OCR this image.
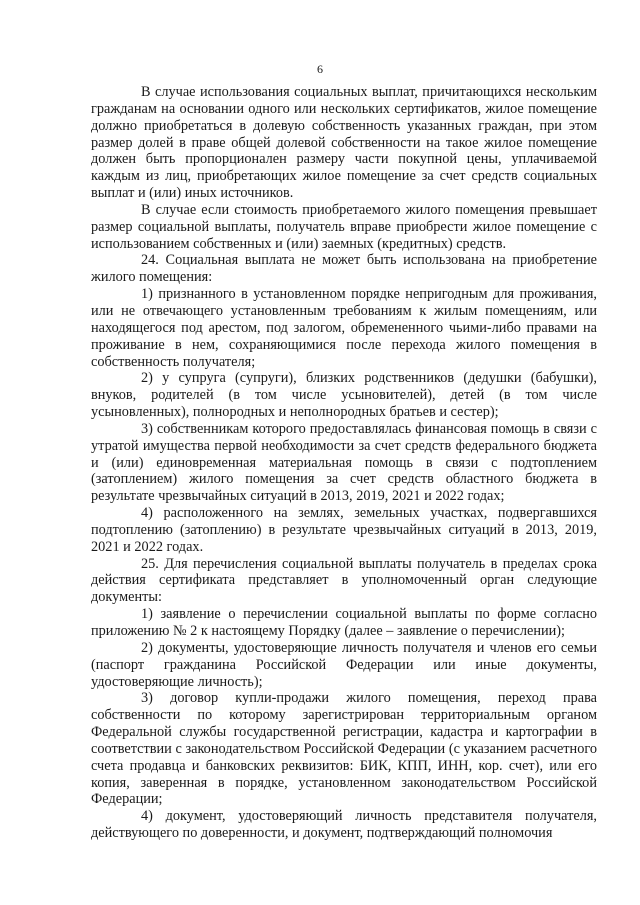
6

В случае использования социальных выплат, причитающихся нескольким гражданам на основании одного или нескольких сертификатов, жилое помещение должно приобретаться в долевую собственность указанных граждан, при этом размер долей в праве общей долевой собственности на такое жилое помещение должен быть пропорционален размеру части покупной цены, уплачиваемой каждым из лиц, приобретающих жилое помещение за счет средств социальных выплат и (или) иных источников.

В случае если стоимость приобретаемого жилого помещения превышает размер социальной выплаты, получатель вправе приобрести жилое помещение с использованием собственных и (или) заемных (кредитных) средств.

24. Социальная выплата не может быть использована на приобретение жилого помещения:

1) признанного в установленном порядке непригодным для проживания, или не отвечающего установленным требованиям к жилым помещениям, или находящегося под арестом, под залогом, обремененного чьими-либо правами на проживание в нем, сохраняющимися после перехода жилого помещения в собственность получателя;

2) у супруга (супруги), близких родственников (дедушки (бабушки), внуков, родителей (в том числе усыновителей), детей (в том числе усыновленных), полнородных и неполнородных братьев и сестер);

3) собственникам которого предоставлялась финансовая помощь в связи с утратой имущества первой необходимости за счет средств федерального бюджета и (или) единовременная материальная помощь в связи с подтоплением (затоплением) жилого помещения за счет средств областного бюджета в результате чрезвычайных ситуаций в 2013, 2019, 2021 и 2022 годах;

4) расположенного на землях, земельных участках, подвергавшихся подтоплению (затоплению) в результате чрезвычайных ситуаций в 2013, 2019, 2021 и 2022 годах.

25. Для перечисления социальной выплаты получатель в пределах срока действия сертификата представляет в уполномоченный орган следующие документы:

1) заявление о перечислении социальной выплаты по форме согласно приложению № 2 к настоящему Порядку (далее – заявление о перечислении);

2) документы, удостоверяющие личность получателя и членов его семьи (паспорт гражданина Российской Федерации или иные документы, удостоверяющие личность);

3) договор купли-продажи жилого помещения, переход права собственности по которому зарегистрирован территориальным органом Федеральной службы государственной регистрации, кадастра и картографии в соответствии с законодательством Российской Федерации (с указанием расчетного счета продавца и банковских реквизитов: БИК, КПП, ИНН, кор. счет), или его копия, заверенная в порядке, установленном законодательством Российской Федерации;

4) документ, удостоверяющий личность представителя получателя, действующего по доверенности, и документ, подтверждающий полномочия
